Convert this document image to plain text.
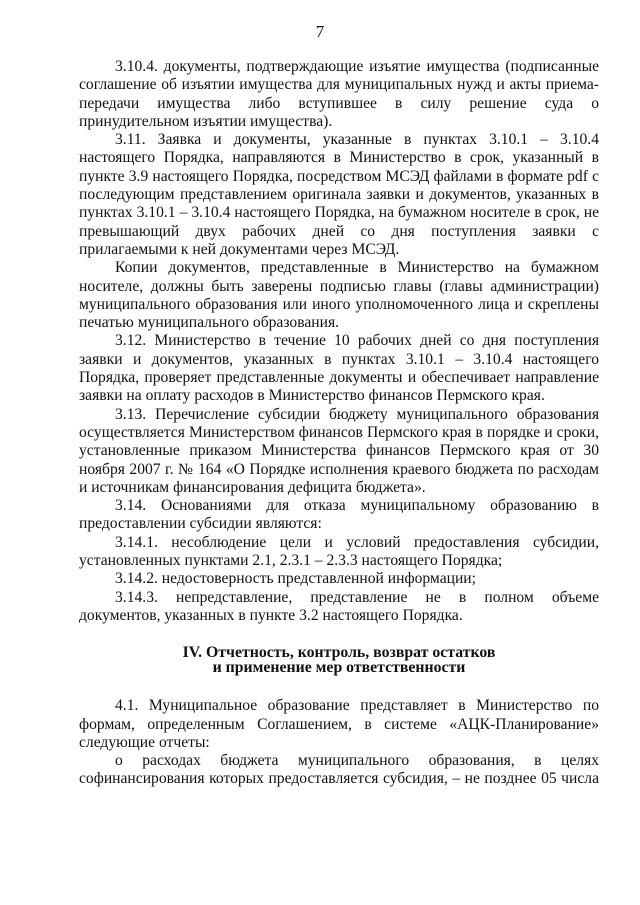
7

3.10.4. документы, подтверждающие изъятие имущества (подписанные соглашение об изъятии имущества для муниципальных нужд и акты приема-передачи имущества либо вступившее в силу решение суда о принудительном изъятии имущества).

3.11. Заявка и документы, указанные в пунктах 3.10.1 – 3.10.4 настоящего Порядка, направляются в Министерство в срок, указанный в пункте 3.9 настоящего Порядка, посредством МСЭД файлами в формате pdf с последующим представлением оригинала заявки и документов, указанных в пунктах 3.10.1 – 3.10.4 настоящего Порядка, на бумажном носителе в срок, не превышающий двух рабочих дней со дня поступления заявки с прилагаемыми к ней документами через МСЭД.

Копии документов, представленные в Министерство на бумажном носителе, должны быть заверены подписью главы (главы администрации) муниципального образования или иного уполномоченного лица и скреплены печатью муниципального образования.

3.12. Министерство в течение 10 рабочих дней со дня поступления заявки и документов, указанных в пунктах 3.10.1 – 3.10.4 настоящего Порядка, проверяет представленные документы и обеспечивает направление заявки на оплату расходов в Министерство финансов Пермского края.

3.13. Перечисление субсидии бюджету муниципального образования осуществляется Министерством финансов Пермского края в порядке и сроки, установленные приказом Министерства финансов Пермского края от 30 ноября 2007 г. № 164 «О Порядке исполнения краевого бюджета по расходам и источникам финансирования дефицита бюджета».

3.14. Основаниями для отказа муниципальному образованию в предоставлении субсидии являются:

3.14.1. несоблюдение цели и условий предоставления субсидии, установленных пунктами 2.1, 2.3.1 – 2.3.3 настоящего Порядка;

3.14.2. недостоверность представленной информации;

3.14.3. непредставление, представление не в полном объеме документов, указанных в пункте 3.2 настоящего Порядка.

IV. Отчетность, контроль, возврат остатков
и применение мер ответственности

4.1. Муниципальное образование представляет в Министерство по формам, определенным Соглашением, в системе «АЦК-Планирование» следующие отчеты:

о расходах бюджета муниципального образования, в целях софинансирования которых предоставляется субсидия, – не позднее 05 числа
